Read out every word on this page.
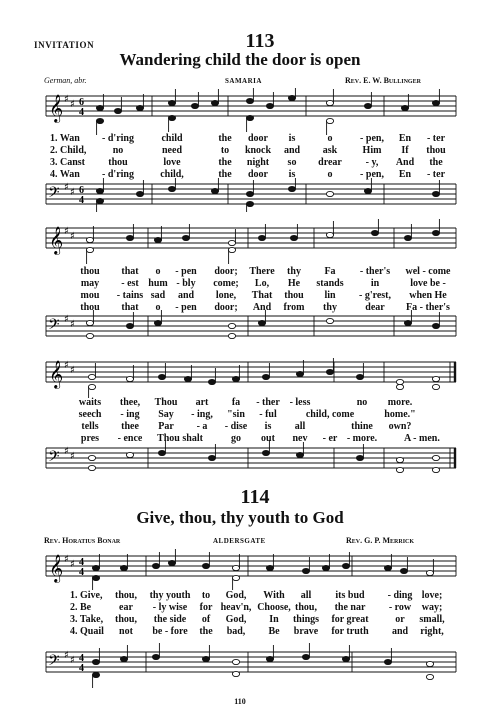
INVITATION	113
Wandering child the door is open
German, abr.	SAMARIA	Rev. E. W. Bullinger
𝄞 ♯ ♯ 6
4
1. Wan - d'ring	child	the door is	o	- pen, En - ter
2. Child,	no	need	to knock and ask	Him If thou
3. Canst thou	love	the night so drear - y, And the
4. Wan - d'ring	child,	the door is	o	- pen, En - ter
𝄢 ♯ ♯ 6
4
𝄞 ♯ ♯
thou that o - pen door; There thy Fa - ther's wel - come
may - est hum - bly come; Lo, He stands	in	love be -
mou - tains sad and lone, That thou lin - g'rest, when He
thou that o - pen door; And from thy	dear Fa - ther's
𝄢 ♯ ♯
𝄞 ♯ ♯
waits thee, Thou art fa - ther - less	no more.
seech - ing Say - ing, "sin - ful	child, come	home."
tells thee Par - a - dise is all	thine own?
pres - ence Thou shalt	go out nev - er - more.	A - men.
𝄢 ♯ ♯
114
Give, thou, thy youth to God
Rev. Horatius Bonar	ALDERSGATE	Rev. G. P. Merrick
𝄞 ♯ ♯ 4
4
1. Give, thou, thy youth to God, With all its bud - ding love;
2. Be	ear - ly wise for heav'n, Choose, thou, the nar - row way;
3. Take, thou, the side of God, In things for great	or small,
4. Quail not be - fore the bad, Be brave for truth and right,
𝄢 ♯ ♯ 4
4
110
